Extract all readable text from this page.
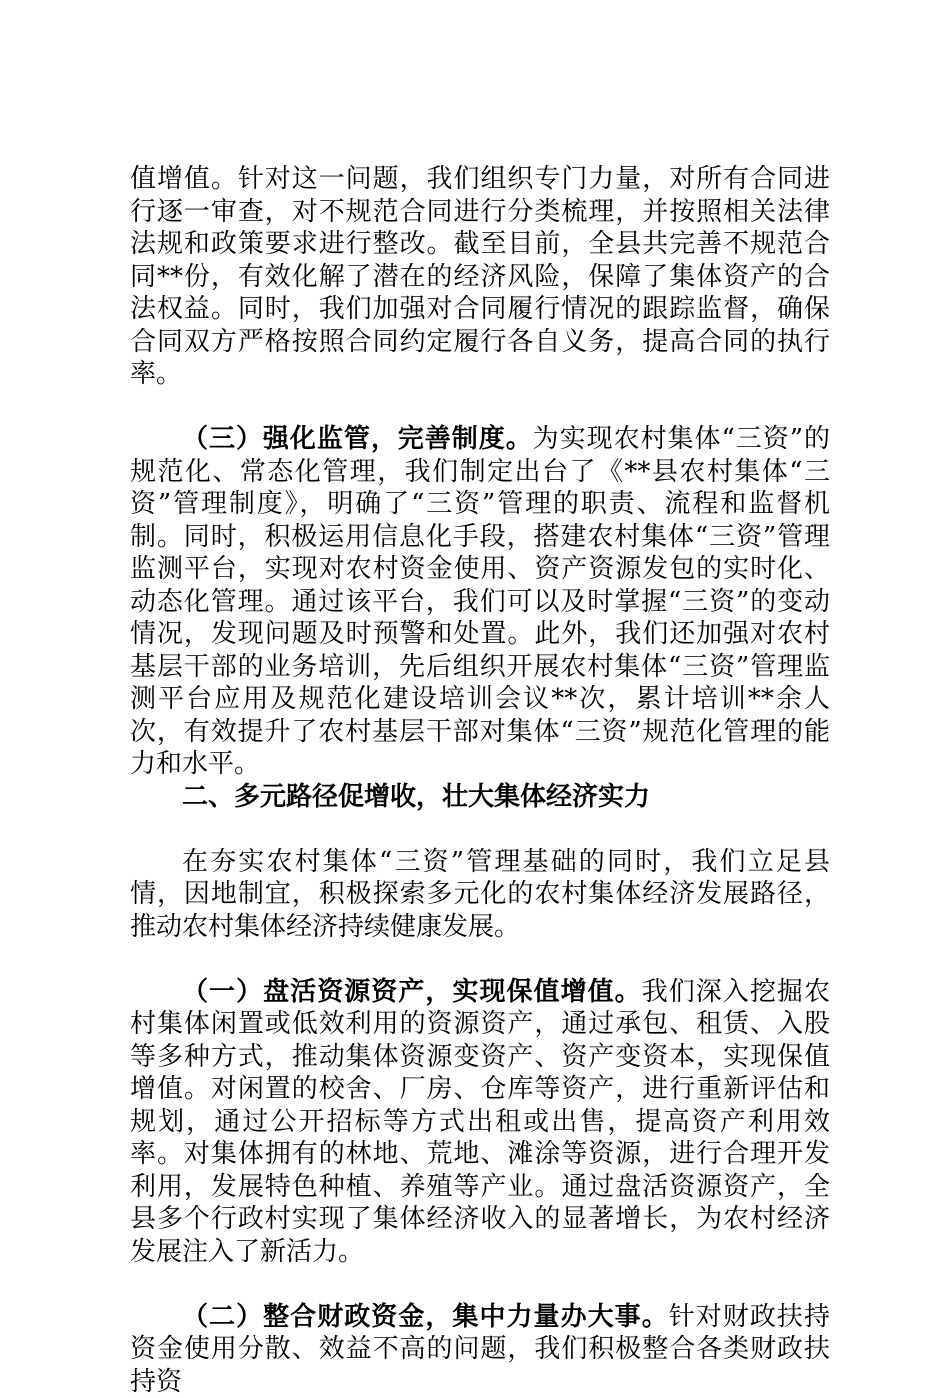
值增值。针对这一问题，我们组织专门力量，对所有合同进行逐一审查，对不规范合同进行分类梳理，并按照相关法律法规和政策要求进行整改。截至目前，全县共完善不规范合同**份，有效化解了潜在的经济风险，保障了集体资产的合法权益。同时，我们加强对合同履行情况的跟踪监督，确保合同双方严格按照合同约定履行各自义务，提高合同的执行率。

（三）强化监管，完善制度。为实现农村集体“三资”的规范化、常态化管理，我们制定出台了《**县农村集体“三资”管理制度》，明确了“三资”管理的职责、流程和监督机制。同时，积极运用信息化手段，搭建农村集体“三资”管理监测平台，实现对农村资金使用、资产资源发包的实时化、动态化管理。通过该平台，我们可以及时掌握“三资”的变动情况，发现问题及时预警和处置。此外，我们还加强对农村基层干部的业务培训，先后组织开展农村集体“三资”管理监测平台应用及规范化建设培训会议**次，累计培训**余人次，有效提升了农村基层干部对集体“三资”规范化管理的能力和水平。

二、多元路径促增收，壮大集体经济实力

在夯实农村集体“三资”管理基础的同时，我们立足县情，因地制宜，积极探索多元化的农村集体经济发展路径，推动农村集体经济持续健康发展。

（一）盘活资源资产，实现保值增值。我们深入挖掘农村集体闲置或低效利用的资源资产，通过承包、租赁、入股等多种方式，推动集体资源变资产、资产变资本，实现保值增值。对闲置的校舍、厂房、仓库等资产，进行重新评估和规划，通过公开招标等方式出租或出售，提高资产利用效率。对集体拥有的林地、荒地、滩涂等资源，进行合理开发利用，发展特色种植、养殖等产业。通过盘活资源资产，全县多个行政村实现了集体经济收入的显著增长，为农村经济发展注入了新活力。

（二）整合财政资金，集中力量办大事。针对财政扶持资金使用分散、效益不高的问题，我们积极整合各类财政扶持资
